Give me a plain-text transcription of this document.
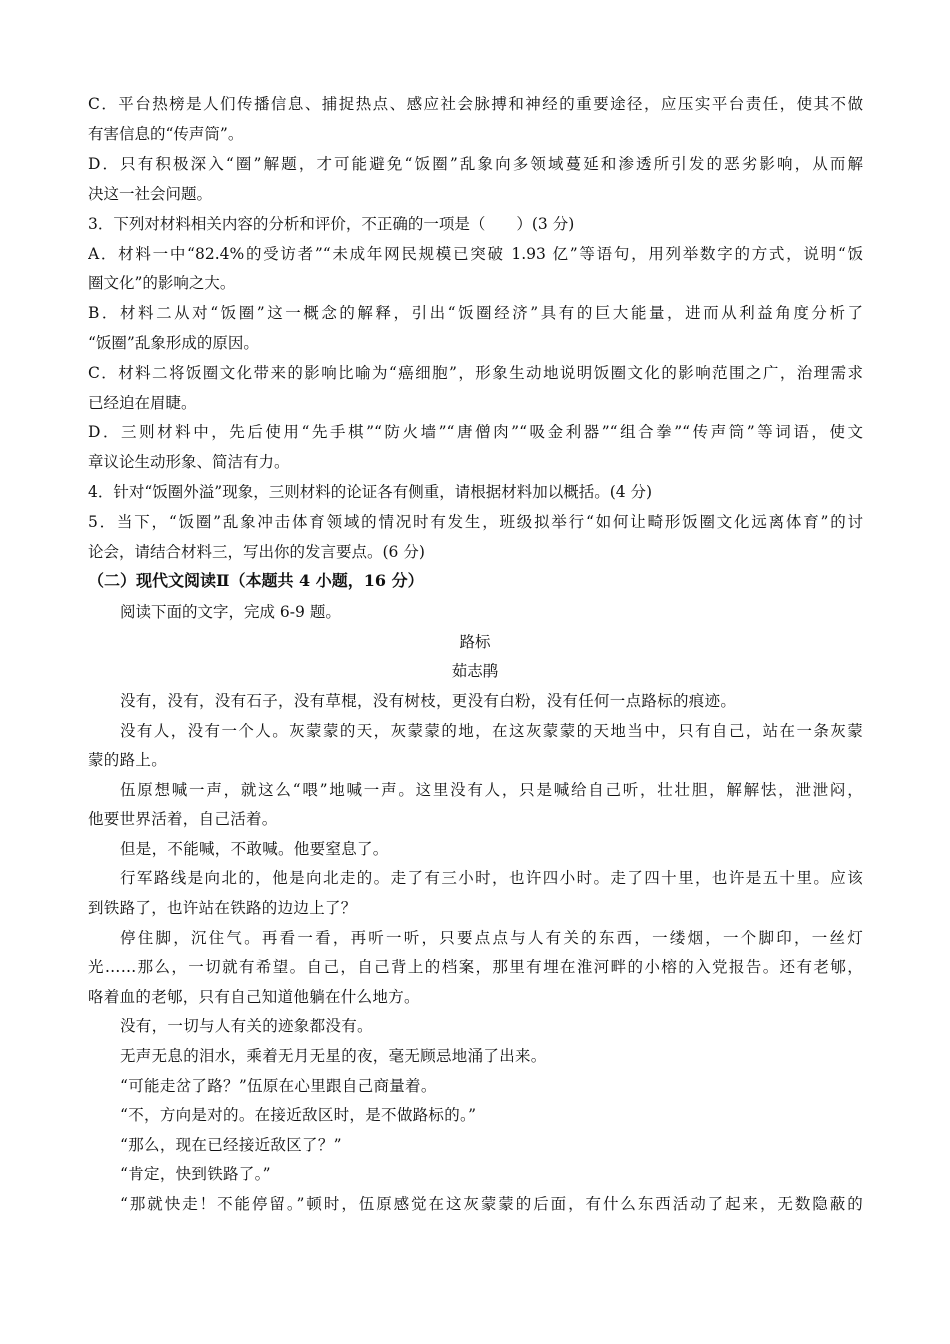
C．平台热榜是人们传播信息、捕捉热点、感应社会脉搏和神经的重要途径，应压实平台责任，使其不做
有害信息的“传声筒”。
D．只有积极深入“圈”解题，才可能避免“饭圈”乱象向多领域蔓延和渗透所引发的恶劣影响，从而解
决这一社会问题。
3．下列对材料相关内容的分析和评价，不正确的一项是（　　）(3 分)
A．材料一中“82.4%的受访者”“未成年网民规模已突破 1.93 亿”等语句，用列举数字的方式，说明“饭
圈文化”的影响之大。
B．材料二从对“饭圈”这一概念的解释，引出“饭圈经济”具有的巨大能量，进而从利益角度分析了
“饭圈”乱象形成的原因。
C．材料二将饭圈文化带来的影响比喻为“癌细胞”，形象生动地说明饭圈文化的影响范围之广，治理需求
已经迫在眉睫。
D．三则材料中，先后使用“先手棋”“防火墙”“唐僧肉”“吸金利器”“组合拳”“传声筒”等词语，使文
章议论生动形象、简洁有力。
4．针对“饭圈外溢”现象，三则材料的论证各有侧重，请根据材料加以概括。(4 分)
5．当下，“饭圈”乱象冲击体育领域的情况时有发生，班级拟举行“如何让畸形饭圈文化远离体育”的讨
论会，请结合材料三，写出你的发言要点。(6 分)
（二）现代文阅读Ⅱ（本题共 4 小题，16 分）
阅读下面的文字，完成 6-9 题。
路标
茹志鹃
没有，没有，没有石子，没有草棍，没有树枝，更没有白粉，没有任何一点路标的痕迹。
没有人，没有一个人。灰蒙蒙的天，灰蒙蒙的地，在这灰蒙蒙的天地当中，只有自己，站在一条灰蒙
蒙的路上。
伍原想喊一声，就这么“喂”地喊一声。这里没有人，只是喊给自己听，壮壮胆，解解怯，泄泄闷，
他要世界活着，自己活着。
但是，不能喊，不敢喊。他要窒息了。
行军路线是向北的，他是向北走的。走了有三小时，也许四小时。走了四十里，也许是五十里。应该
到铁路了，也许站在铁路的边边上了？
停住脚，沉住气。再看一看，再听一听，只要点点与人有关的东西，一缕烟，一个脚印，一丝灯
光……那么，一切就有希望。自己，自己背上的档案，那里有埋在淮河畔的小榕的入党报告。还有老郇，
咯着血的老郇，只有自己知道他躺在什么地方。
没有，一切与人有关的迹象都没有。
无声无息的泪水，乘着无月无星的夜，毫无顾忌地涌了出来。
“可能走岔了路？”伍原在心里跟自己商量着。
“不，方向是对的。在接近敌区时，是不做路标的。”
“那么，现在已经接近敌区了？”
“肯定，快到铁路了。”
“那就快走！不能停留。”顿时，伍原感觉在这灰蒙蒙的后面，有什么东西活动了起来，无数隐蔽的
